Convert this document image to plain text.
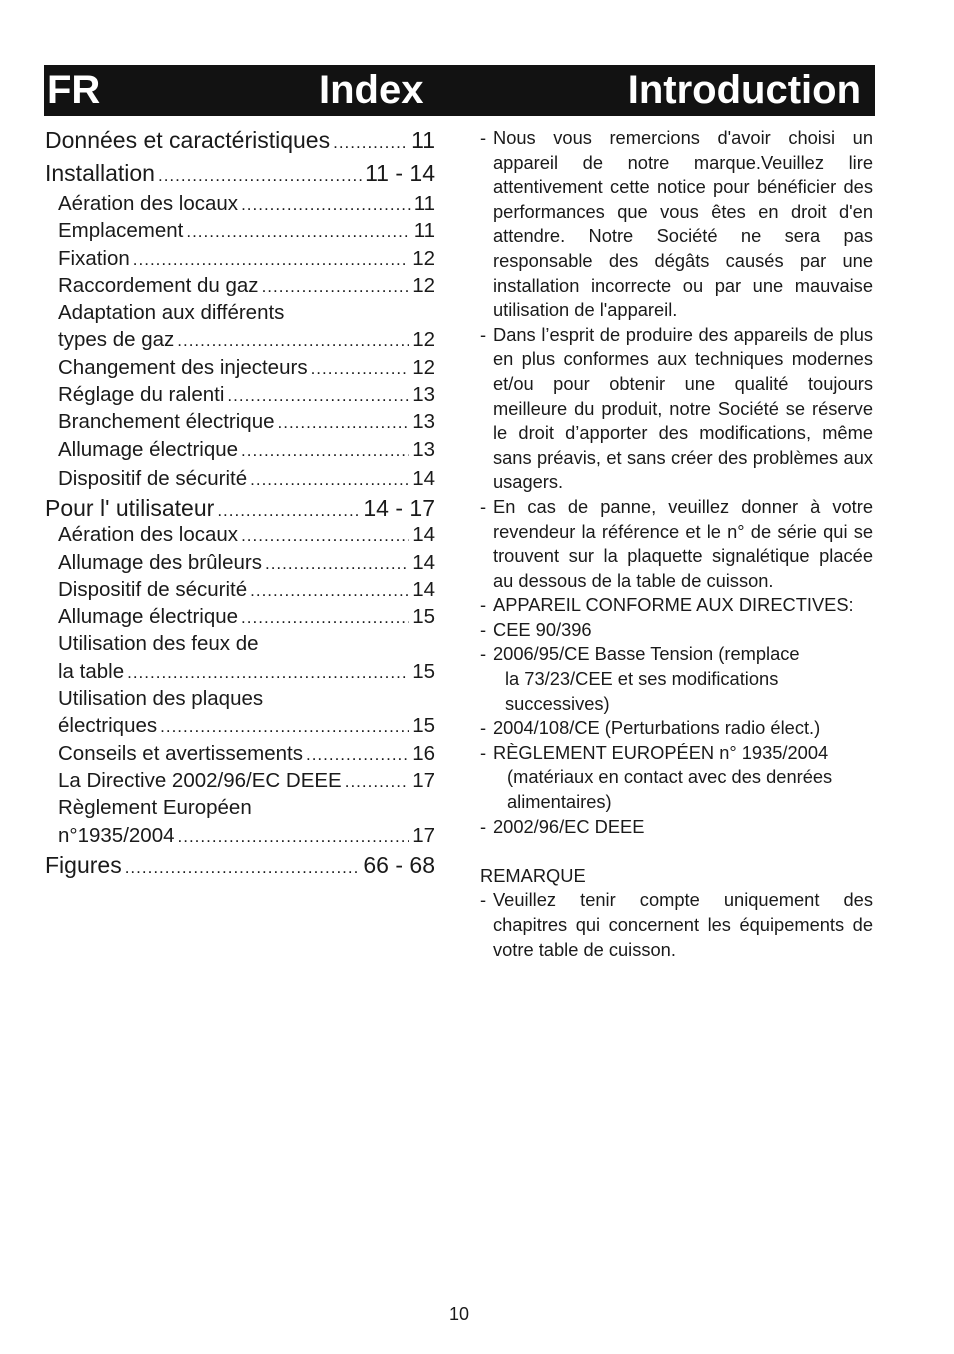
FR	Index	Introduction
Données et caractéristiques .....	11
Installation .....	11 - 14
Aération des locaux .....	11
Emplacement .....	11
Fixation .....	12
Raccordement du gaz .....	12
Adaptation aux différents
types de gaz .....	12
Changement des injecteurs .....	12
Réglage du ralenti .....	13
Branchement électrique .....	13
Allumage électrique .....	13
Dispositif de sécurité .....	14
Pour l' utilisateur .....	14 - 17
Aération des locaux .....	14
Allumage des brûleurs .....	14
Dispositif de sécurité .....	14
Allumage électrique .....	15
Utilisation des feux de
la table .....	15
Utilisation des plaques
électriques .....	15
Conseils et avertissements .....	16
La Directive 2002/96/EC DEEE .....	17
Règlement Européen
n°1935/2004 .....	17
Figures .....	66 - 68

- Nous vous remercions d'avoir choisi un appareil de notre marque.Veuillez lire attentivement cette notice pour bénéficier des performances que vous êtes en droit d'en attendre. Notre Société ne sera pas responsable des dégâts causés par une installation incorrecte ou par une mauvaise utilisation de l'appareil.

- Dans l’esprit de produire des appareils de plus en plus conformes aux techniques modernes et/ou pour obtenir une qualité toujours meilleure du produit, notre Société se réserve le droit d’apporter des modifications, même sans préavis, et sans créer des problèmes aux usagers.

- En cas de panne, veuillez donner à votre revendeur la référence et le n° de série qui se trouvent sur la plaquette signalétique placée au dessous de la table de cuisson.

- APPAREIL CONFORME AUX DIRECTIVES:

- CEE 90/396

- 2006/95/CE Basse Tension (remplace

la 73/23/CEE et ses modifications successives)

- 2004/108/CE (Perturbations radio élect.)

- RÈGLEMENT EUROPÉEN n° 1935/2004

(matériaux en contact avec des denrées alimentaires)

- 2002/96/EC DEEE

REMARQUE

- Veuillez tenir compte uniquement des chapitres qui concernent les équipements de votre table de cuisson.

10
